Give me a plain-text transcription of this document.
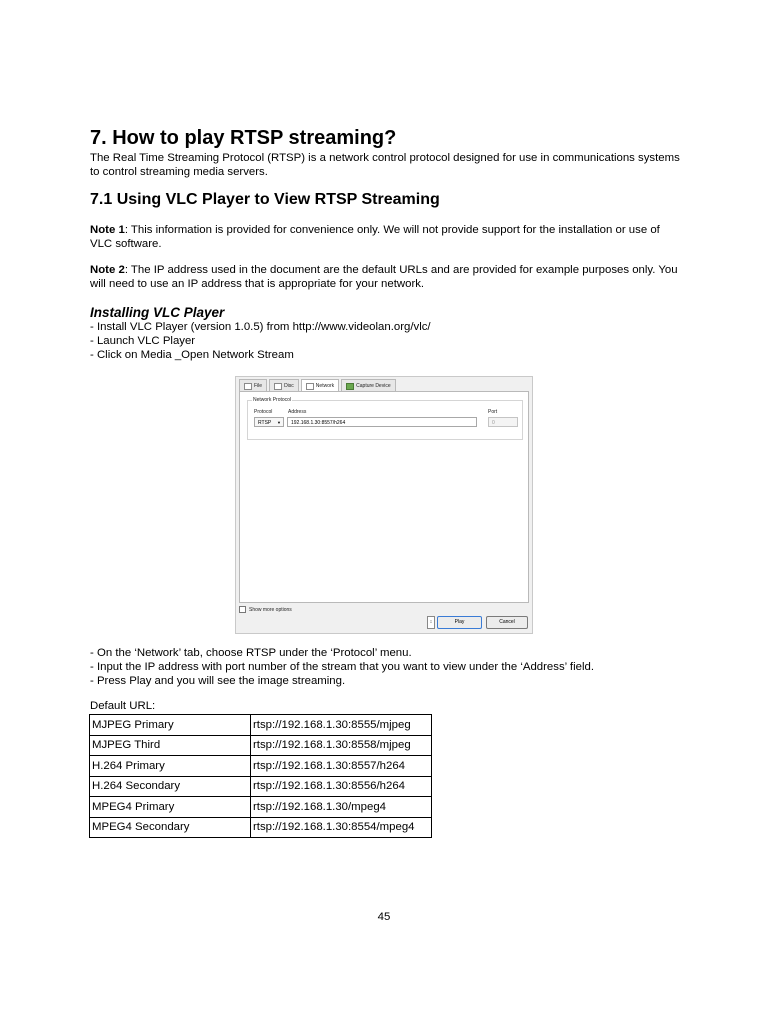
7. How to play RTSP streaming?

The Real Time Streaming Protocol (RTSP) is a network control protocol designed for use in communications systems to control streaming media servers.

7.1 Using VLC Player to View RTSP Streaming

Note 1: This information is provided for convenience only. We will not provide support for the installation or use of VLC software.

Note 2: The IP address used in the document are the default URLs and are provided for example purposes only. You will need to use an IP address that is appropriate for your network.

Installing VLC Player
- Install VLC Player (version 1.0.5) from http://www.videolan.org/vlc/
- Launch VLC Player
- Click on Media _Open Network Stream
File	Disc	Network	Capture Device
Network Protocol
Protocol	Address	Port
RTSP ▼	192.168.1.30:8557/h264	0
Show more options
↕	Play	Cancel
- On the ‘Network’ tab, choose RTSP under the ‘Protocol’ menu.
- Input the IP address with port number of the stream that you want to view under the ‘Address’ field.
- Press Play and you will see the image streaming.

Default URL:

MJPEG Primary	rtsp://192.168.1.30:8555/mjpeg
MJPEG Third	rtsp://192.168.1.30:8558/mjpeg
H.264 Primary	rtsp://192.168.1.30:8557/h264
H.264 Secondary	rtsp://192.168.1.30:8556/h264
MPEG4 Primary	rtsp://192.168.1.30/mpeg4
MPEG4 Secondary	rtsp://192.168.1.30:8554/mpeg4

45
